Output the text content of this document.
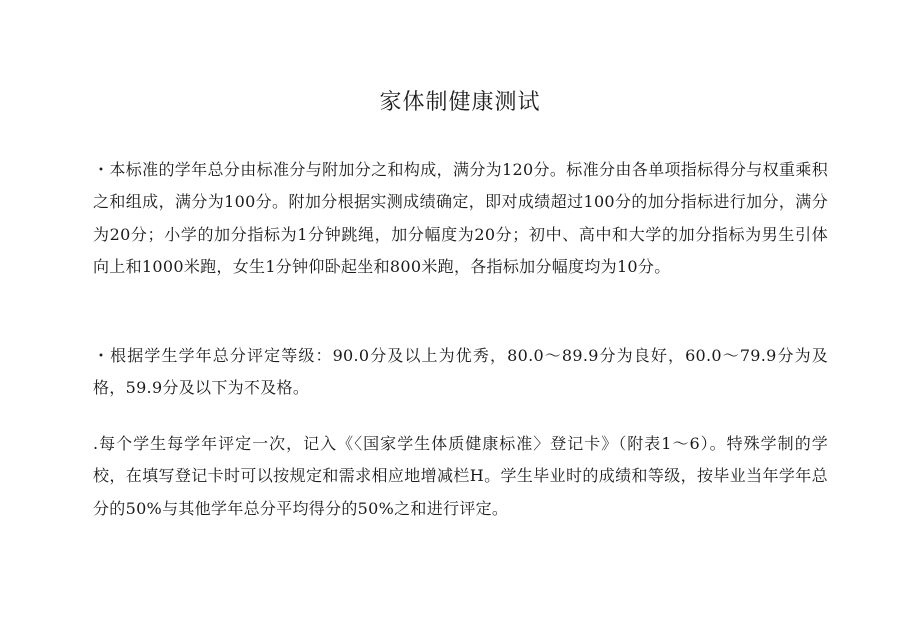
家体制健康测试
・本标准的学年总分由标准分与附加分之和构成，满分为120分。标准分由各单项指标得分与权重乘积之和组成，满分为100分。附加分根据实测成绩确定，即对成绩超过100分的加分指标进行加分，满分为20分；小学的加分指标为1分钟跳绳，加分幅度为20分；初中、高中和大学的加分指标为男生引体向上和1000米跑，女生1分钟仰卧起坐和800米跑，各指标加分幅度均为10分。
・根据学生学年总分评定等级：90.0分及以上为优秀，80.0～89.9分为良好，60.0～79.9分为及格，59.9分及以下为不及格。
.每个学生每学年评定一次，记入《〈国家学生体质健康标准〉登记卡》（附表1～6）。特殊学制的学校，在填写登记卡时可以按规定和需求相应地增减栏H。学生毕业时的成绩和等级，按毕业当年学年总分的50%与其他学年总分平均得分的50%之和进行评定。
